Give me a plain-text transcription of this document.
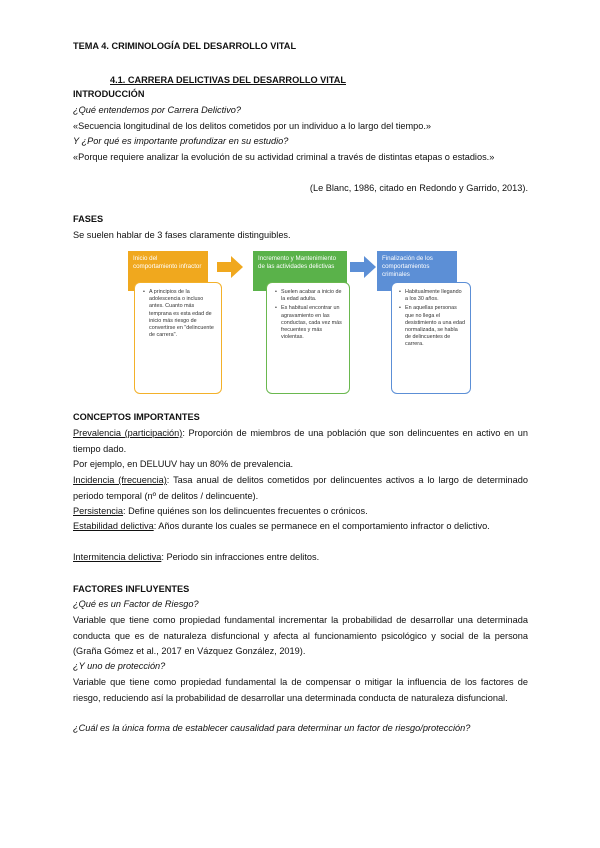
TEMA 4. CRIMINOLOGÍA DEL DESARROLLO VITAL
4.1. CARRERA DELICTIVAS DEL DESARROLLO VITAL
INTRODUCCIÓN
¿Qué entendemos por Carrera Delictivo?
«Secuencia longitudinal de los delitos cometidos por un individuo a lo largo del tiempo.»
Y ¿Por qué es importante profundizar en su estudio?
«Porque requiere analizar la evolución de su actividad criminal a través de distintas etapas o estadios.»
(Le Blanc, 1986, citado en Redondo y Garrido, 2013).
FASES
Se suelen hablar de 3 fases claramente distinguibles.
Inicio del comportamiento infractor
• A principios de la adolescencia o incluso antes. Cuanto más temprana es esta edad de inicio más riesgo de convertirse en "delincuente de carrera".
Incremento y Mantenimiento de las actividades delictivas
• Suelen acabar a inicio de la edad adulta.
• Es habitual encontrar un agravamiento en las conductas, cada vez más frecuentes y más violentas.
Finalización de los comportamientos criminales
• Habitualmente llegando a los 30 años.
• En aquellas personas que no llega el desistimiento a una edad normalizada, se habla de delincuentes de carrera.
CONCEPTOS IMPORTANTES
Prevalencia (participación): Proporción de miembros de una población que son delincuentes en activo en un tiempo dado.
Por ejemplo, en DELUUV hay un 80% de prevalencia.
Incidencia (frecuencia): Tasa anual de delitos cometidos por delincuentes activos a lo largo de determinado periodo temporal (nº de delitos / delincuente).
Persistencia: Define quiénes son los delincuentes frecuentes o crónicos.
Estabilidad delictiva: Años durante los cuales se permanece en el comportamiento infractor o delictivo.
Intermitencia delictiva: Periodo sin infracciones entre delitos.
FACTORES INFLUYENTES
¿Qué es un Factor de Riesgo?
Variable que tiene como propiedad fundamental incrementar la probabilidad de desarrollar una determinada conducta que es de naturaleza disfuncional y afecta al funcionamiento psicológico y social de la persona (Graña Gómez et al., 2017 en Vázquez González, 2019).
¿Y uno de protección?
Variable que tiene como propiedad fundamental la de compensar o mitigar la influencia de los factores de riesgo, reduciendo así la probabilidad de desarrollar una determinada conducta de naturaleza disfuncional.
¿Cuál es la única forma de establecer causalidad para determinar un factor de riesgo/protección?
